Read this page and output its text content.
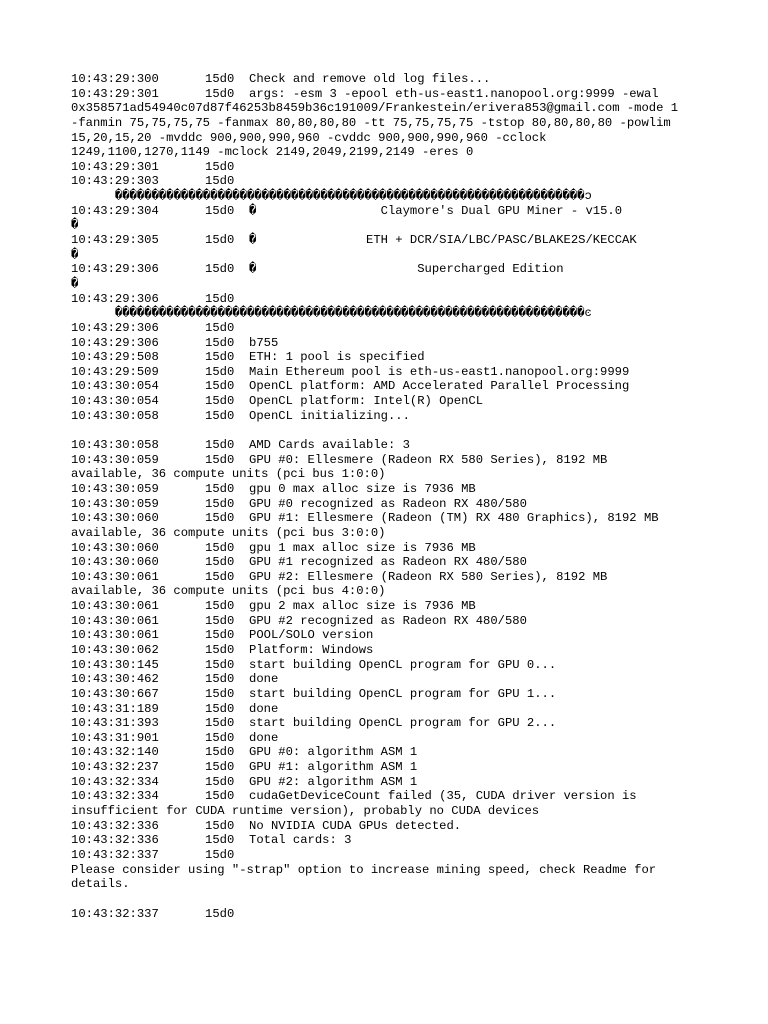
10:43:29:300	15d0 Check and remove old log files...
10:43:29:301	15d0 args: -esm 3 -epool eth-us-east1.nanopool.org:9999 -ewal
0x358571ad54940c07d87f46253b8459b36c191009/Frankestein/erivera853@gmail.com -mode 1
-fanmin 75,75,75,75 -fanmax 80,80,80,80 -tt 75,75,75,75 -tstop 80,80,80,80 -powlim
15,20,15,20 -mvddc 900,900,990,960 -cvddc 900,900,990,960 -cclock
1249,1100,1270,1149 -mclock 2149,2049,2199,2149 -eres 0
10:43:29:301	15d0
10:43:29:303	15d0
����������������������������������������������������������������ͻ
10:43:29:304	15d0 �                 Claymore's Dual GPU Miner - v15.0
�
10:43:29:305	15d0 �               ETH + DCR/SIA/LBC/PASC/BLAKE2S/KECCAK
�
10:43:29:306	15d0 �                      Supercharged Edition
�
10:43:29:306	15d0
����������������������������������������������������������������ͼ
10:43:29:306	15d0
10:43:29:306	15d0 b755
10:43:29:508	15d0 ETH: 1 pool is specified
10:43:29:509	15d0 Main Ethereum pool is eth-us-east1.nanopool.org:9999
10:43:30:054	15d0 OpenCL platform: AMD Accelerated Parallel Processing
10:43:30:054	15d0 OpenCL platform: Intel(R) OpenCL
10:43:30:058	15d0 OpenCL initializing...
10:43:30:058	15d0 AMD Cards available: 3
10:43:30:059	15d0 GPU #0: Ellesmere (Radeon RX 580 Series), 8192 MB
available, 36 compute units (pci bus 1:0:0)
10:43:30:059	15d0 gpu 0 max alloc size is 7936 MB
10:43:30:059	15d0 GPU #0 recognized as Radeon RX 480/580
10:43:30:060	15d0 GPU #1: Ellesmere (Radeon (TM) RX 480 Graphics), 8192 MB
available, 36 compute units (pci bus 3:0:0)
10:43:30:060	15d0 gpu 1 max alloc size is 7936 MB
10:43:30:060	15d0 GPU #1 recognized as Radeon RX 480/580
10:43:30:061	15d0 GPU #2: Ellesmere (Radeon RX 580 Series), 8192 MB
available, 36 compute units (pci bus 4:0:0)
10:43:30:061	15d0 gpu 2 max alloc size is 7936 MB
10:43:30:061	15d0 GPU #2 recognized as Radeon RX 480/580
10:43:30:061	15d0 POOL/SOLO version
10:43:30:062	15d0 Platform: Windows
10:43:30:145	15d0 start building OpenCL program for GPU 0...
10:43:30:462	15d0 done
10:43:30:667	15d0 start building OpenCL program for GPU 1...
10:43:31:189	15d0 done
10:43:31:393	15d0 start building OpenCL program for GPU 2...
10:43:31:901	15d0 done
10:43:32:140	15d0 GPU #0: algorithm ASM 1
10:43:32:237	15d0 GPU #1: algorithm ASM 1
10:43:32:334	15d0 GPU #2: algorithm ASM 1
10:43:32:334	15d0 cudaGetDeviceCount failed (35, CUDA driver version is
insufficient for CUDA runtime version), probably no CUDA devices
10:43:32:336	15d0 No NVIDIA CUDA GPUs detected.
10:43:32:336	15d0 Total cards: 3
10:43:32:337	15d0
Please consider using "-strap" option to increase mining speed, check Readme for
details.
10:43:32:337	15d0
